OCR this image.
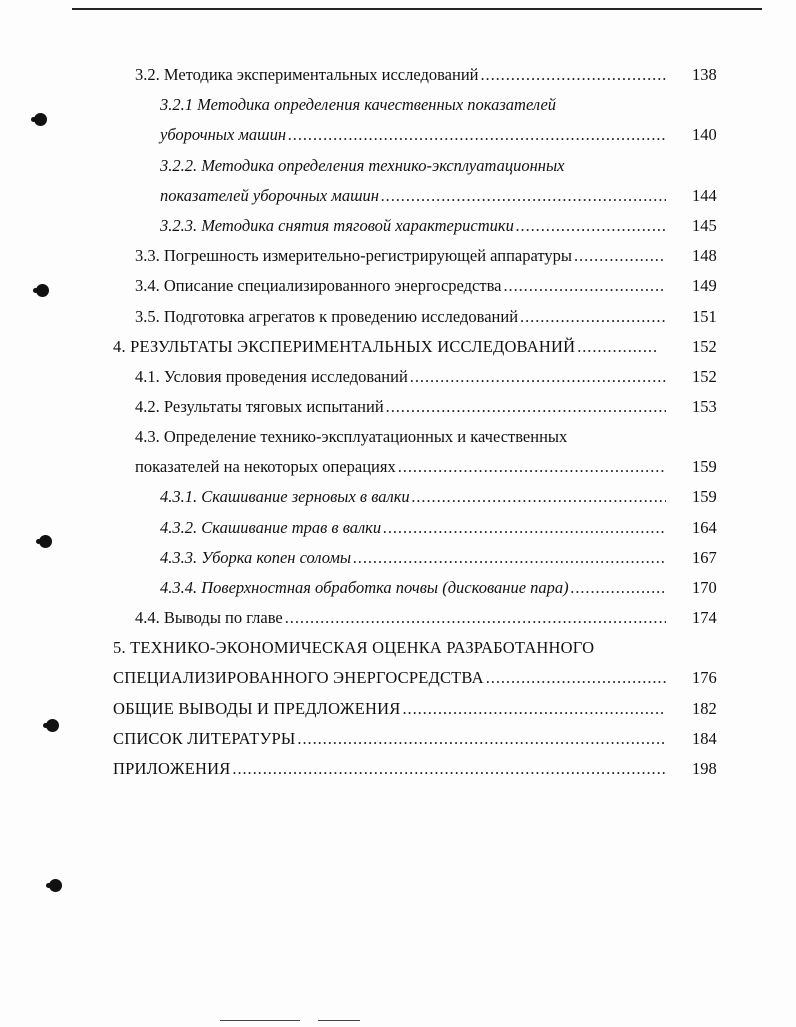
3.2. Методика экспериментальных исследований . . .	138
3.2.1 Методика определения качественных показателей
уборочных машин . . .	140
3.2.2. Методика определения технико-эксплуатационных
показателей уборочных машин . . .	144
3.2.3. Методика снятия тяговой характеристики . . .	145
3.3. Погрешность измерительно-регистрирующей аппаратуры . . .	148
3.4. Описание специализированного энергосредства . . .	149
3.5. Подготовка агрегатов к проведению исследований . . .	151
4. РЕЗУЛЬТАТЫ ЭКСПЕРИМЕНТАЛЬНЫХ ИССЛЕДОВАНИЙ . . .	152
4.1. Условия проведения исследований . . .	152
4.2. Результаты тяговых испытаний . . .	153
4.3. Определение технико-эксплуатационных и качественных
показателей на некоторых операциях . . .	159
4.3.1. Скашивание зерновых в валки . . .	159
4.3.2. Скашивание трав в валки . . .	164
4.3.3. Уборка копен соломы . . .	167
4.3.4. Поверхностная обработка почвы (дискование пара) . . .	170
4.4. Выводы по главе . . .	174
5. ТЕХНИКО-ЭКОНОМИЧЕСКАЯ ОЦЕНКА РАЗРАБОТАННОГО
СПЕЦИАЛИЗИРОВАННОГО ЭНЕРГОСРЕДСТВА . . .	176
ОБЩИЕ ВЫВОДЫ И ПРЕДЛОЖЕНИЯ . . .	182
СПИСОК ЛИТЕРАТУРЫ . . .	184
ПРИЛОЖЕНИЯ . . .	198
